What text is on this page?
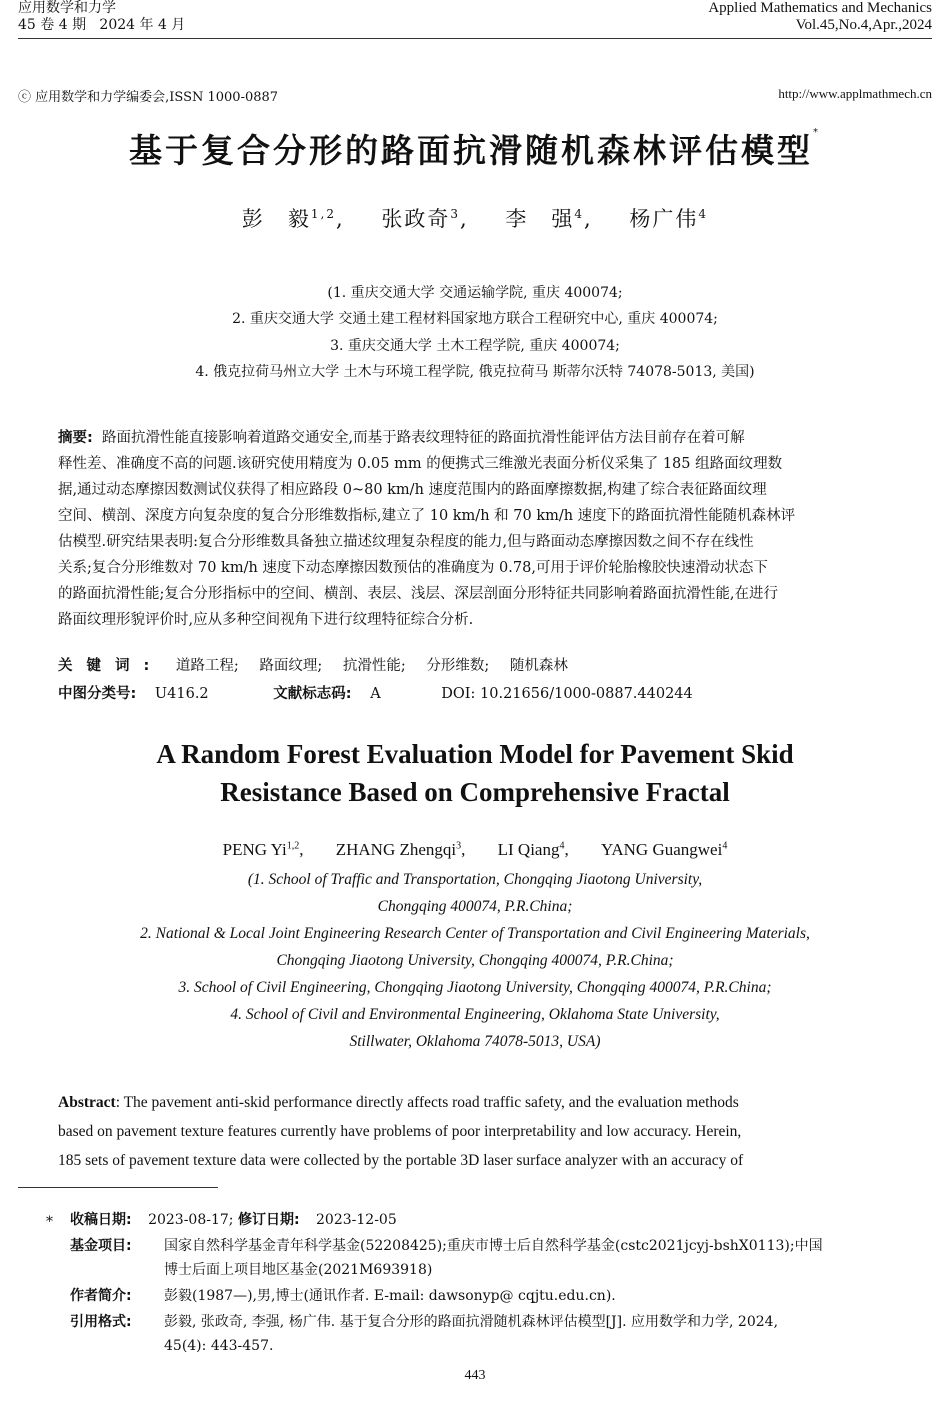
应用数学和力学
45 卷 4 期   2024 年 4 月
Applied Mathematics and Mechanics
Vol.45,No.4,Apr.,2024
ⓒ 应用数学和力学编委会,ISSN 1000-0887	http://www.applmathmech.cn
基于复合分形的路面抗滑随机森林评估模型*
彭　毅$^{1,2}$, 张政奇$^3$, 李　强$^4$, 杨广伟$^4$
(1. 重庆交通大学 交通运输学院, 重庆 400074;
2. 重庆交通大学 交通土建工程材料国家地方联合工程研究中心, 重庆 400074;
3. 重庆交通大学 土木工程学院, 重庆 400074;
4. 俄克拉荷马州立大学 土木与环境工程学院, 俄克拉荷马 斯蒂尔沃特 74078-5013, 美国)
摘要: 路面抗滑性能直接影响着道路交通安全,而基于路表纹理特征的路面抗滑性能评估方法目前存在着可解
释性差、准确度不高的问题.该研究使用精度为 0.05 mm 的便携式三维激光表面分析仪采集了 185 组路面纹理数
据,通过动态摩擦因数测试仪获得了相应路段 0~80 km/h 速度范围内的路面摩擦数据,构建了综合表征路面纹理
空间、横剖、深度方向复杂度的复合分形维数指标,建立了 10 km/h 和 70 km/h 速度下的路面抗滑性能随机森林评
估模型.研究结果表明:复合分形维数具备独立描述纹理复杂程度的能力,但与路面动态摩擦因数之间不存在线性
关系;复合分形维数对 70 km/h 速度下动态摩擦因数预估的准确度为 0.78,可用于评价轮胎橡胶快速滑动状态下
的路面抗滑性能;复合分形指标中的空间、横剖、表层、浅层、深层剖面分形特征共同影响着路面抗滑性能,在进行
路面纹理形貌评价时,应从多种空间视角下进行纹理特征综合分析.
关键词: 道路工程; 路面纹理; 抗滑性能; 分形维数; 随机森林
中图分类号: U416.2	文献标志码: A	DOI: 10.21656/1000-0887.440244
A Random Forest Evaluation Model for Pavement Skid
Resistance Based on Comprehensive Fractal
PENG Yi$^{1,2}$, ZHANG Zhengqi$^3$, LI Qiang$^4$, YANG Guangwei$^4$
(1. School of Traffic and Transportation, Chongqing Jiaotong University,
Chongqing 400074, P.R.China;
2. National & Local Joint Engineering Research Center of Transportation and Civil Engineering Materials,
Chongqing Jiaotong University, Chongqing 400074, P.R.China;
3. School of Civil Engineering, Chongqing Jiaotong University, Chongqing 400074, P.R.China;
4. School of Civil and Environmental Engineering, Oklahoma State University,
Stillwater, Oklahoma 74078-5013, USA)
Abstract: The pavement anti-skid performance directly affects road traffic safety, and the evaluation methods
based on pavement texture features currently have problems of poor interpretability and low accuracy. Herein,
185 sets of pavement texture data were collected by the portable 3D laser surface analyzer with an accuracy of
* 收稿日期: 2023-08-17; 修订日期: 2023-12-05
基金项目: 国家自然科学基金青年科学基金(52208425);重庆市博士后自然科学基金(cstc2021jcyj-bshX0113);中国
博士后面上项目地区基金(2021M693918)
作者简介: 彭毅(1987—),男,博士(通讯作者. E-mail: dawsonyp@ cqjtu.edu.cn).
引用格式: 彭毅, 张政奇, 李强, 杨广伟. 基于复合分形的路面抗滑随机森林评估模型[J]. 应用数学和力学, 2024,
45(4): 443-457.
443
